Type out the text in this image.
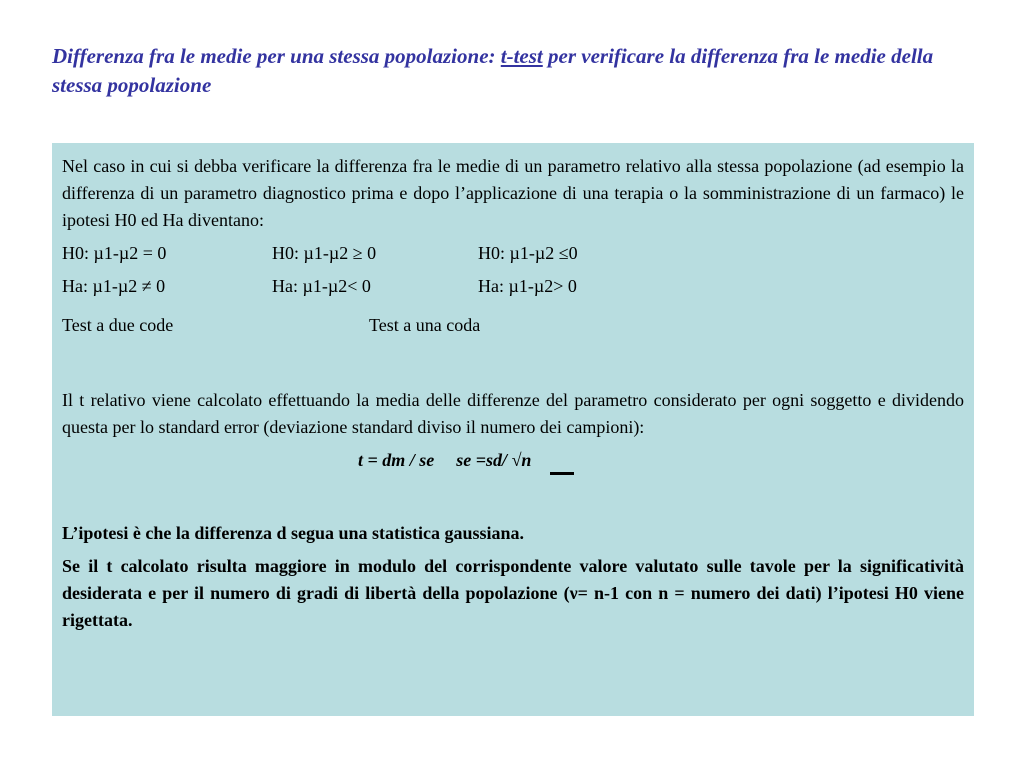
Differenza fra le medie per una stessa popolazione: t-test per verificare la differenza fra le medie della stessa popolazione

Nel caso in cui si debba verificare la differenza fra le medie di un parametro relativo alla stessa popolazione (ad esempio la differenza di un parametro diagnostico prima e dopo l’applicazione di una terapia o la somministrazione di un farmaco) le ipotesi H0 ed Ha diventano:

H0: µ1-µ2 = 0	H0: µ1-µ2 ≥ 0	H0: µ1-µ2 ≤0
Ha: µ1-µ2 ≠ 0	Ha: µ1-µ2< 0	Ha: µ1-µ2> 0
Test a due code	Test a una coda

Il t relativo viene calcolato effettuando la media delle differenze del parametro considerato per ogni soggetto e dividendo questa per lo standard error (deviazione standard diviso il numero dei campioni):

t = dm / se se =sd/ √n

L’ipotesi è che la differenza d segua una statistica gaussiana.

Se il t calcolato risulta maggiore in modulo del corrispondente valore valutato sulle tavole per la significatività desiderata e per il numero di gradi di libertà della popolazione (ν= n-1 con n = numero dei dati) l’ipotesi H0 viene rigettata.
